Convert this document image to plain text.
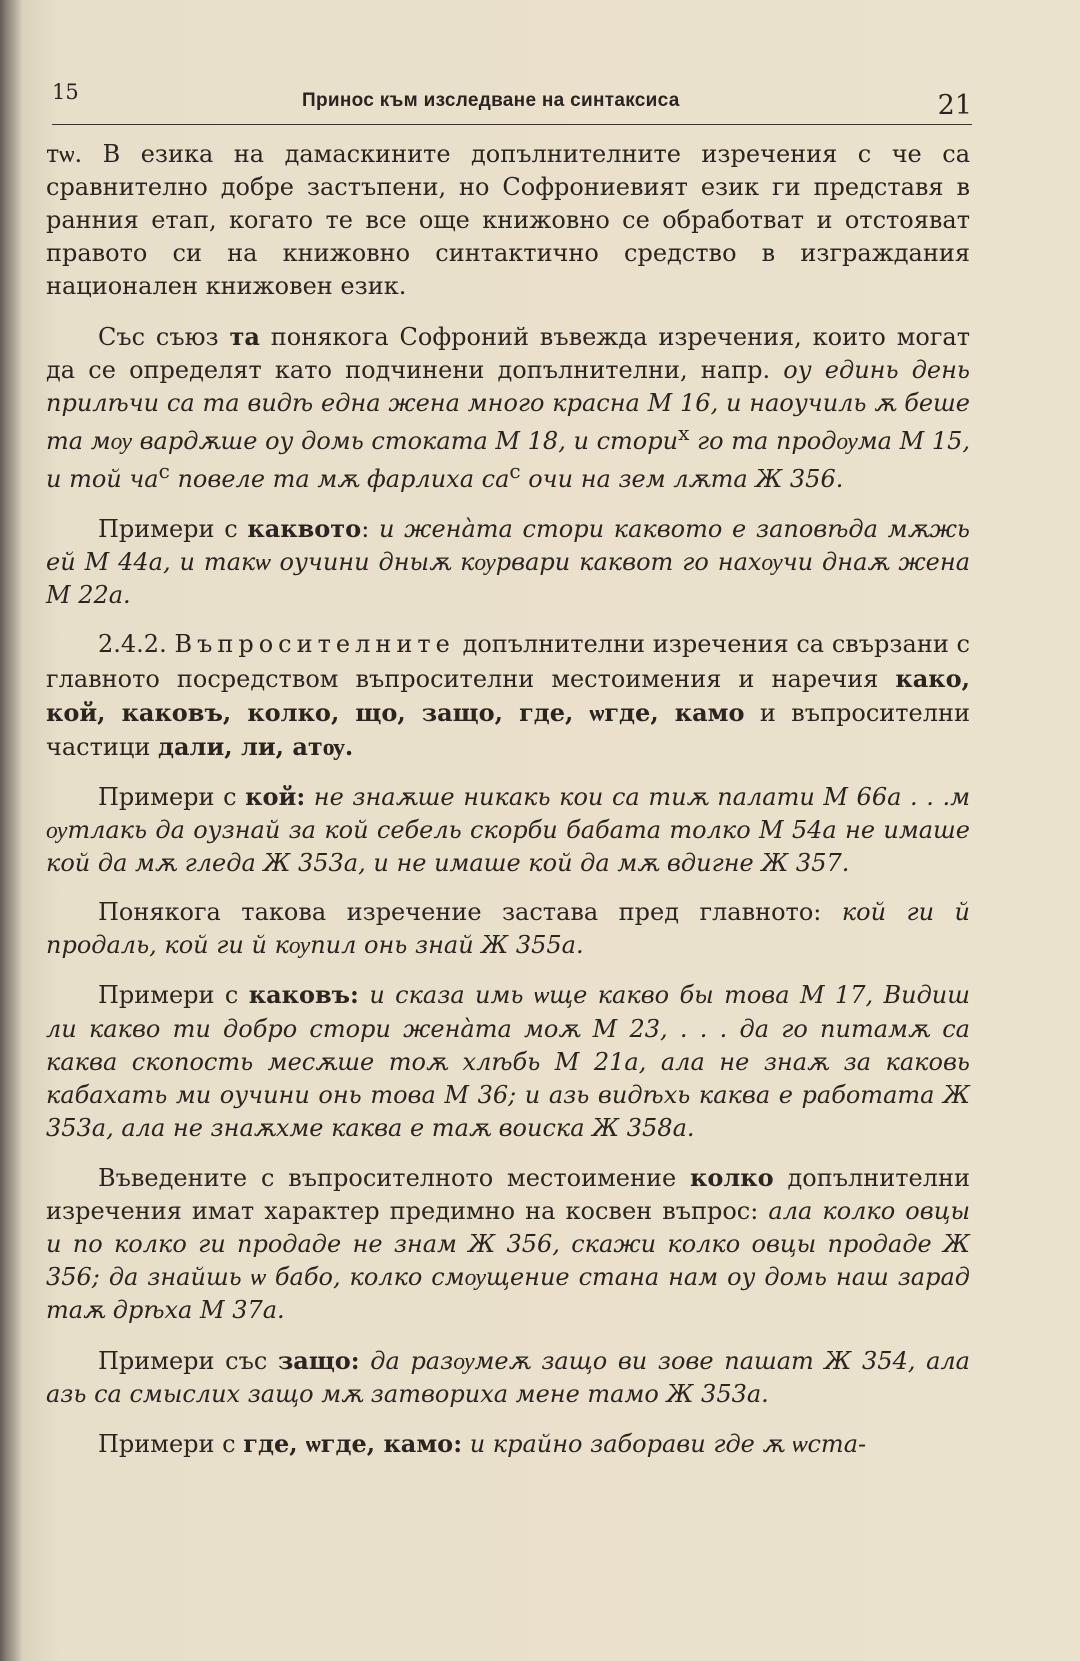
15	Принос към изследване на синтаксиса	21

тѡ. В езика на дамаскините допълнителните изречения с че са сравнително добре застъпени, но Софрониевият език ги представя в ранния етап, когато те все още книжовно се обработват и отстояват правото си на книжовно синтактично средство в изграждания национален книжовен език.

Със съюз та понякога Софроний въвежда изречения, които могат да се определят като подчинени допълнителни, напр. оу единь день прилѣчи са та видѣ една жена много красна М 16, и наоучиль ѫ беше та мѹ вардѫше оу домь стоката М 18, и стори$^х$ го та продѹма М 15, и той $ча^с$ повеле та мѫ фарлиха $са^с$ очи на зем лѫта Ж 356.

Примери с каквото: и женàта стори каквото е заповѣда мѫжь ей М 44а, и такѡ оучини дныѫ кѹрвари каквот го нахѹчи днаѫ жена М 22а.

2.4.2. Въпросителните допълнителни изречения са свързани с главното посредством въпросителни местоимения и наречия како, кой, каковъ, колко, що, защо, где, ѡгде, камо и въпросителни частици дали, ли, атѹ.

Примери с кой: не знаѫше никакь кои са тиѫ палати М 66а . . .м ѹтлакь да оузнай за кой себель скорби бабата толко М 54а не имаше кой да мѫ гледа Ж 353а, и не имаше кой да мѫ вдигне Ж 357.

Понякога такова изречение застава пред главното: кой ги й продаль, кой ги й кѹпил онь знай Ж 355а.

Примери с каковъ: и сказа имь ѡще какво бы това М 17, Видиш ли какво ти добро стори женàта моѫ М 23, . . . да го питамѫ са каква скопость месѫше тоѫ хлѣбь М 21а, ала не знаѫ за каковь кабахать ми оучини онь това М 36; и азь видѣхь каква е работата Ж 353а, ала не знаѫхме каква е таѫ воиска Ж 358а.

Въведените с въпросителното местоимение колко допълнителни изречения имат характер предимно на косвен въпрос: ала колко овцы и по колко ги продаде не знам Ж 356, скажи колко овцы продаде Ж 356; да знайшь ѡ бабо, колко смѹщение стана нам оу домь наш зарад таѫ дрѣха М 37а.

Примери със защо: да разѹмеѫ защо ви зове пашат Ж 354, ала азь са смыслих защо мѫ затвориха мене тамо Ж 353а.

Примери с где, ѡгде, камо: и крайно заборави где ѫ ѡста-
